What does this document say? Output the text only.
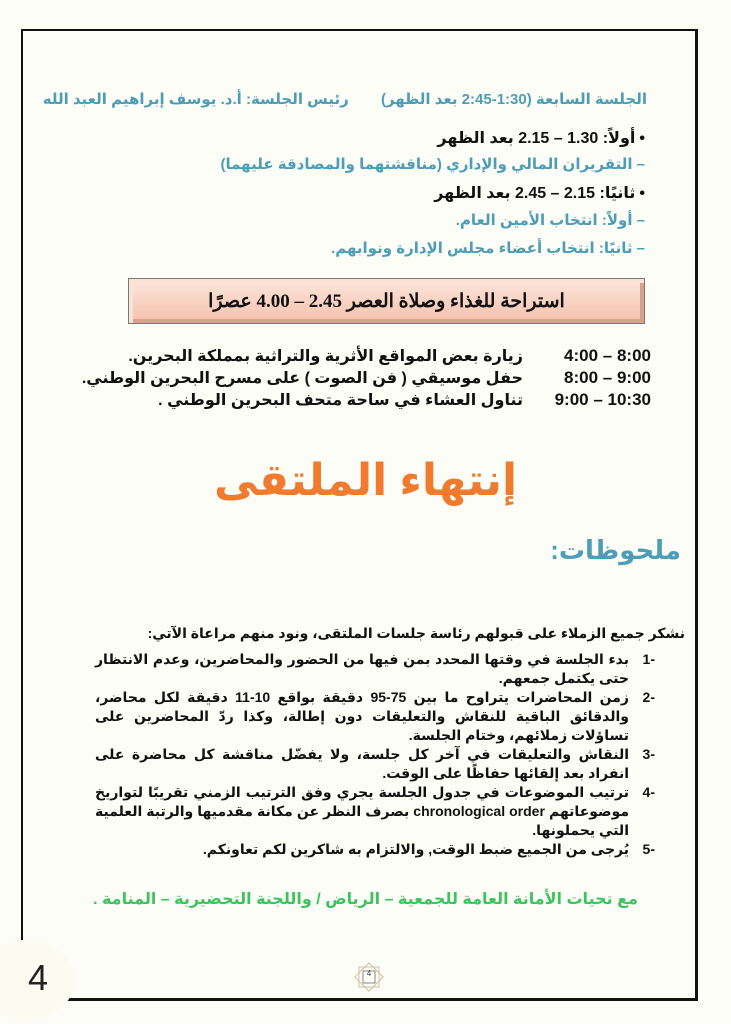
الجلسة السابعة (1:30-2:45 بعد الظهر) رئيس الجلسة: أ.د. يوسف إبراهيم العبد الله
• أولاً: 1.30 – 2.15 بعد الظهر
– التقريران المالي والإداري (مناقشتهما والمصادقة عليهما)
• ثانيًا: 2.15 – 2.45 بعد الظهر
– أولاً: انتخاب الأمين العام.
– ثانيًا: انتخاب أعضاء مجلس الإدارة ونوابهم.
استراحة للغذاء وصلاة العصر 2.45 – 4.00 عصرًا
4:00 – 8:00
زيارة بعض المواقع الأثرية والتراثية بمملكة البحرين.
8:00 – 9:00
حفل موسيقي ( فن الصوت ) على مسرح البحرين الوطني.
9:00 – 10:30
تناول العشاء في ساحة متحف البحرين الوطني .
إنتهاء الملتقى
ملحوظات:
نشكر جميع الزملاء على قبولهم رئاسة جلسات الملتقى، ونود منهم مراعاة الآتي:
-1
بدء الجلسة في وقتها المحدد بمن فيها من الحضور والمحاضرين، وعدم الانتظار حتى يكتمل جمعهم.
-2
زمن المحاضرات يتراوح ما بين 75-95 دقيقة بواقع 10-11 دقيقة لكل محاضر، والدقائق الباقية للنقاش والتعليقات دون إطالة، وكذا ردّ المحاضرين على تساؤلات زملائهم، وختام الجلسة.
-3
النقاش والتعليقات في آخر كل جلسة، ولا يفضّل مناقشة كل محاضرة على انفراد بعد إلقائها حفاظًا على الوقت.
-4
ترتيب الموضوعات في جدول الجلسة يجري وفق الترتيب الزمني تقريبًا لتواريخ موضوعاتهم chronological order بصرف النظر عن مكانة مقدميها والرتبة العلمية التي يحملونها.
-5
يُرجى من الجميع ضبط الوقت, والالتزام به شاكرين لكم تعاونكم.
مع تحيات الأمانة العامة للجمعية – الرياض / واللجنة التحضيرية – المنامة .
4
4
